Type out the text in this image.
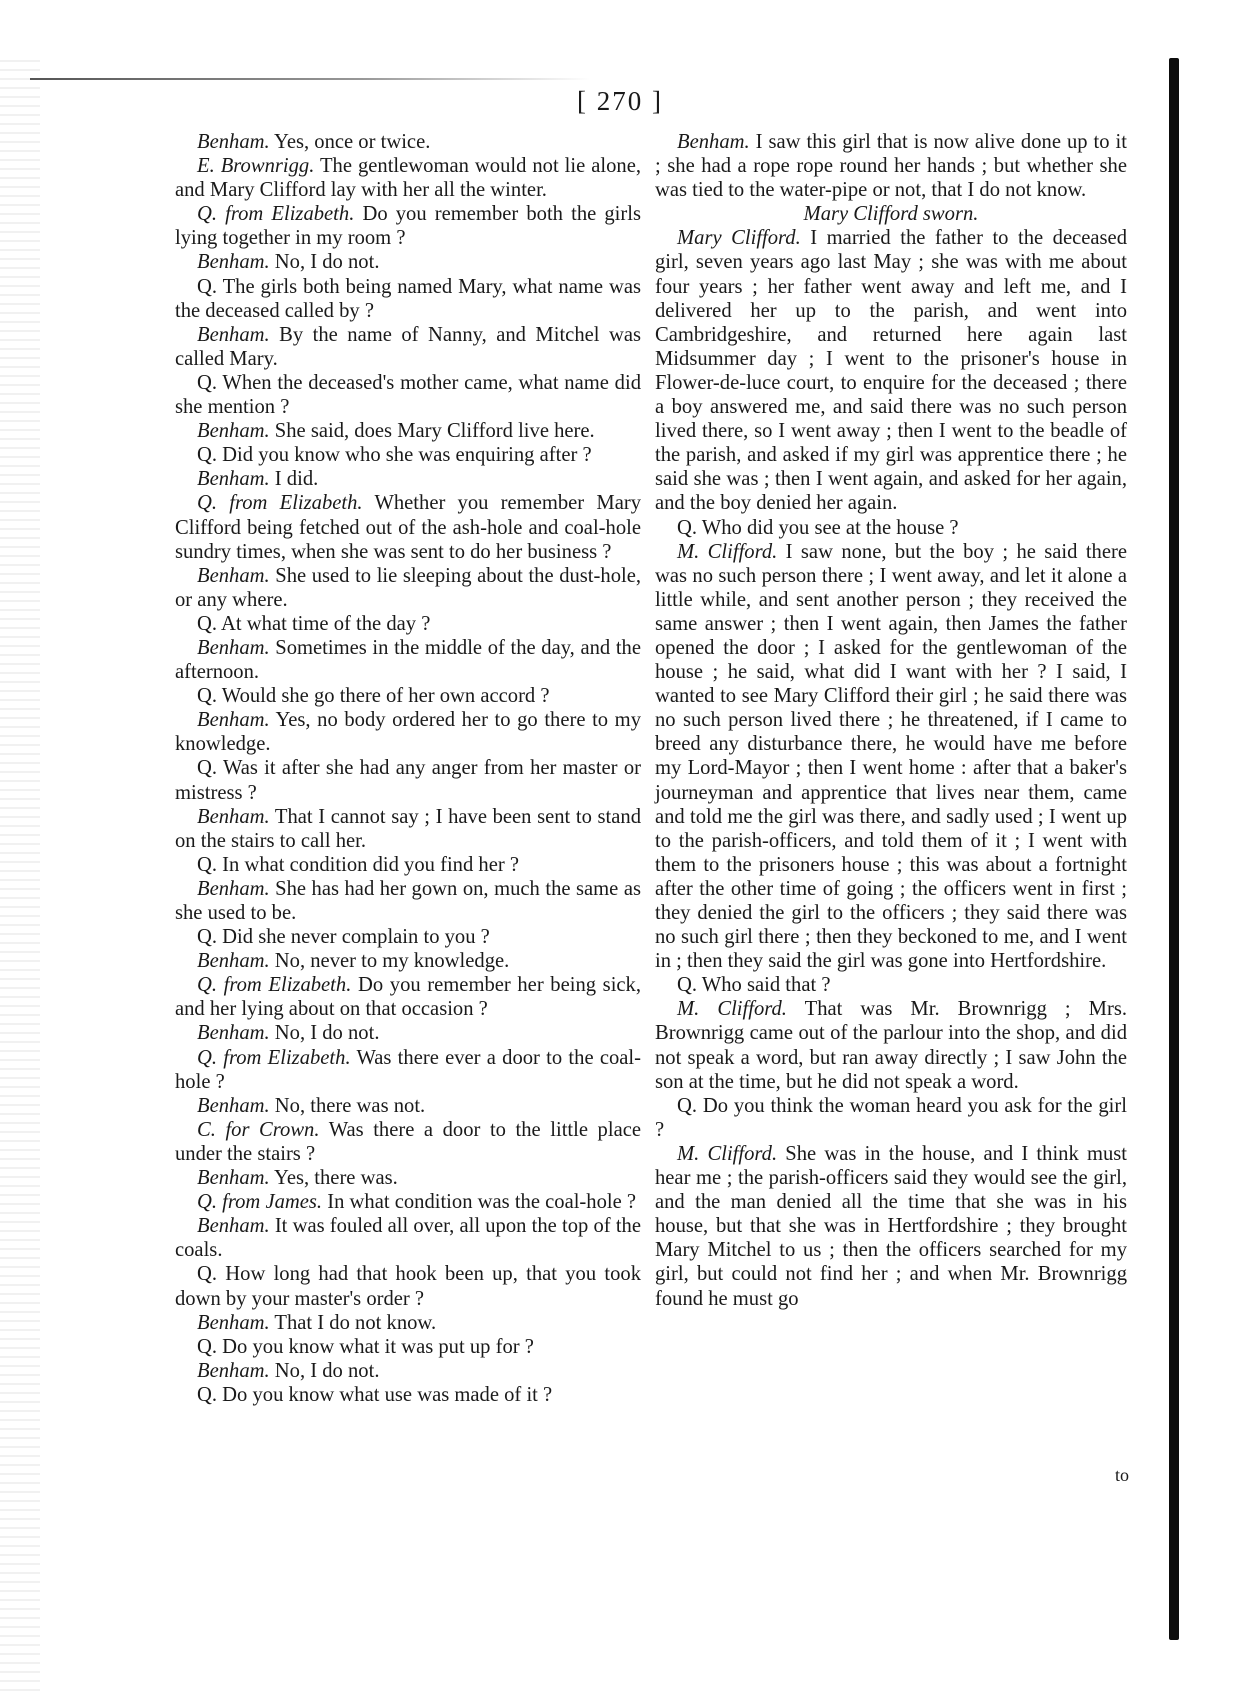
[ 270 ]

Benham. Yes, once or twice.

E. Brownrigg. The gentlewoman would not lie alone, and Mary Clifford lay with her all the winter.

Q. from Elizabeth. Do you remember both the girls lying together in my room ?

Benham. No, I do not.

Q. The girls both being named Mary, what name was the deceased called by ?

Benham. By the name of Nanny, and Mitchel was called Mary.

Q. When the deceased's mother came, what name did she mention ?

Benham. She said, does Mary Clifford live here.

Q. Did you know who she was enquiring after ?

Benham. I did.

Q. from Elizabeth. Whether you remember Mary Clifford being fetched out of the ash-hole and coal-hole sundry times, when she was sent to do her business ?

Benham. She used to lie sleeping about the dust-hole, or any where.

Q. At what time of the day ?

Benham. Sometimes in the middle of the day, and the afternoon.

Q. Would she go there of her own accord ?

Benham. Yes, no body ordered her to go there to my knowledge.

Q. Was it after she had any anger from her master or mistress ?

Benham. That I cannot say ; I have been sent to stand on the stairs to call her.

Q. In what condition did you find her ?

Benham. She has had her gown on, much the same as she used to be.

Q. Did she never complain to you ?

Benham. No, never to my knowledge.

Q. from Elizabeth. Do you remember her being sick, and her lying about on that occasion ?

Benham. No, I do not.

Q. from Elizabeth. Was there ever a door to the coal-hole ?

Benham. No, there was not.

C. for Crown. Was there a door to the little place under the stairs ?

Benham. Yes, there was.

Q. from James. In what condition was the coal-hole ?

Benham. It was fouled all over, all upon the top of the coals.

Q. How long had that hook been up, that you took down by your master's order ?

Benham. That I do not know.

Q. Do you know what it was put up for ?

Benham. No, I do not.

Q. Do you know what use was made of it ?

Benham. I saw this girl that is now alive done up to it ; she had a rope rope round her hands ; but whether she was tied to the water-pipe or not, that I do not know.

Mary Clifford sworn.

Mary Clifford. I married the father to the deceased girl, seven years ago last May ; she was with me about four years ; her father went away and left me, and I delivered her up to the parish, and went into Cambridgeshire, and returned here again last Midsummer day ; I went to the prisoner's house in Flower-de-luce court, to enquire for the deceased ; there a boy answered me, and said there was no such person lived there, so I went away ; then I went to the beadle of the parish, and asked if my girl was apprentice there ; he said she was ; then I went again, and asked for her again, and the boy denied her again.

Q. Who did you see at the house ?

M. Clifford. I saw none, but the boy ; he said there was no such person there ; I went away, and let it alone a little while, and sent another person ; they received the same answer ; then I went again, then James the father opened the door ; I asked for the gentlewoman of the house ; he said, what did I want with her ? I said, I wanted to see Mary Clifford their girl ; he said there was no such person lived there ; he threatened, if I came to breed any disturbance there, he would have me before my Lord-Mayor ; then I went home : after that a baker's journeyman and apprentice that lives near them, came and told me the girl was there, and sadly used ; I went up to the parish-officers, and told them of it ; I went with them to the prisoners house ; this was about a fortnight after the other time of going ; the officers went in first ; they denied the girl to the officers ; they said there was no such girl there ; then they beckoned to me, and I went in ; then they said the girl was gone into Hertfordshire.

Q. Who said that ?

M. Clifford. That was Mr. Brownrigg ; Mrs. Brownrigg came out of the parlour into the shop, and did not speak a word, but ran away directly ; I saw John the son at the time, but he did not speak a word.

Q. Do you think the woman heard you ask for the girl ?

M. Clifford. She was in the house, and I think must hear me ; the parish-officers said they would see the girl, and the man denied all the time that she was in his house, but that she was in Hertfordshire ; they brought Mary Mitchel to us ; then the officers searched for my girl, but could not find her ; and when Mr. Brownrigg found he must go

to
